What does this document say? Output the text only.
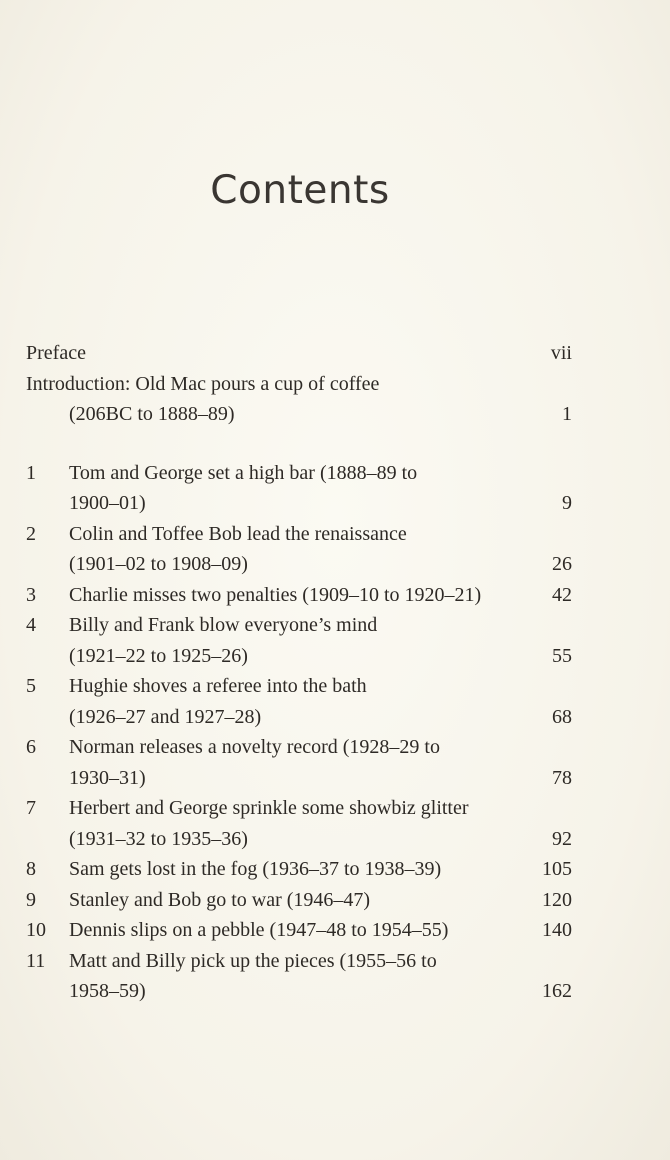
Contents
Preface	vii
Introduction: Old Mac pours a cup of coffee
(206BC to 1888–89)	1
1	Tom and George set a high bar (1888–89 to
1900–01)	9
2	Colin and Toffee Bob lead the renaissance
(1901–02 to 1908–09)	26
3	Charlie misses two penalties (1909–10 to 1920–21)	42
4	Billy and Frank blow everyone’s mind
(1921–22 to 1925–26)	55
5	Hughie shoves a referee into the bath
(1926–27 and 1927–28)	68
6	Norman releases a novelty record (1928–29 to
1930–31)	78
7	Herbert and George sprinkle some showbiz glitter
(1931–32 to 1935–36)	92
8	Sam gets lost in the fog (1936–37 to 1938–39)	105
9	Stanley and Bob go to war (1946–47)	120
10	Dennis slips on a pebble (1947–48 to 1954–55)	140
11	Matt and Billy pick up the pieces (1955–56 to
1958–59)	162
